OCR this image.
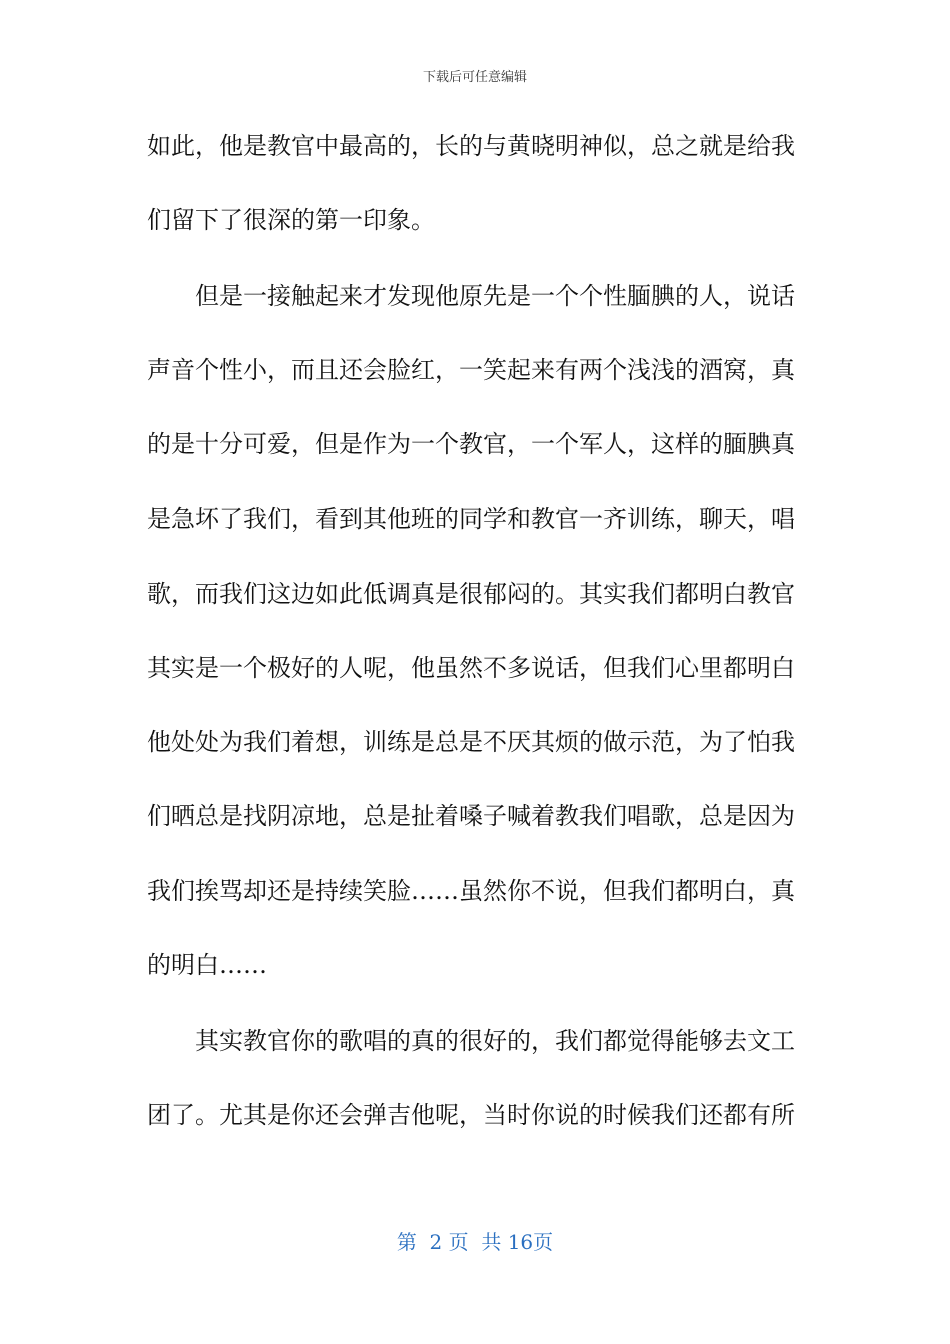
下载后可任意编辑
如此，他是教官中最高的，长的与黄晓明神似，总之就是给我
们留下了很深的第一印象。
但是一接触起来才发现他原先是一个个性腼腆的人，说话
声音个性小，而且还会脸红，一笑起来有两个浅浅的酒窝，真
的是十分可爱，但是作为一个教官，一个军人，这样的腼腆真
是急坏了我们，看到其他班的同学和教官一齐训练，聊天，唱
歌，而我们这边如此低调真是很郁闷的。其实我们都明白教官
其实是一个极好的人呢，他虽然不多说话，但我们心里都明白
他处处为我们着想，训练是总是不厌其烦的做示范，为了怕我
们晒总是找阴凉地，总是扯着嗓子喊着教我们唱歌，总是因为
我们挨骂却还是持续笑脸……虽然你不说，但我们都明白，真
的明白……
其实教官你的歌唱的真的很好的，我们都觉得能够去文工
团了。尤其是你还会弹吉他呢，当时你说的时候我们还都有所
第  2 页  共 16页
